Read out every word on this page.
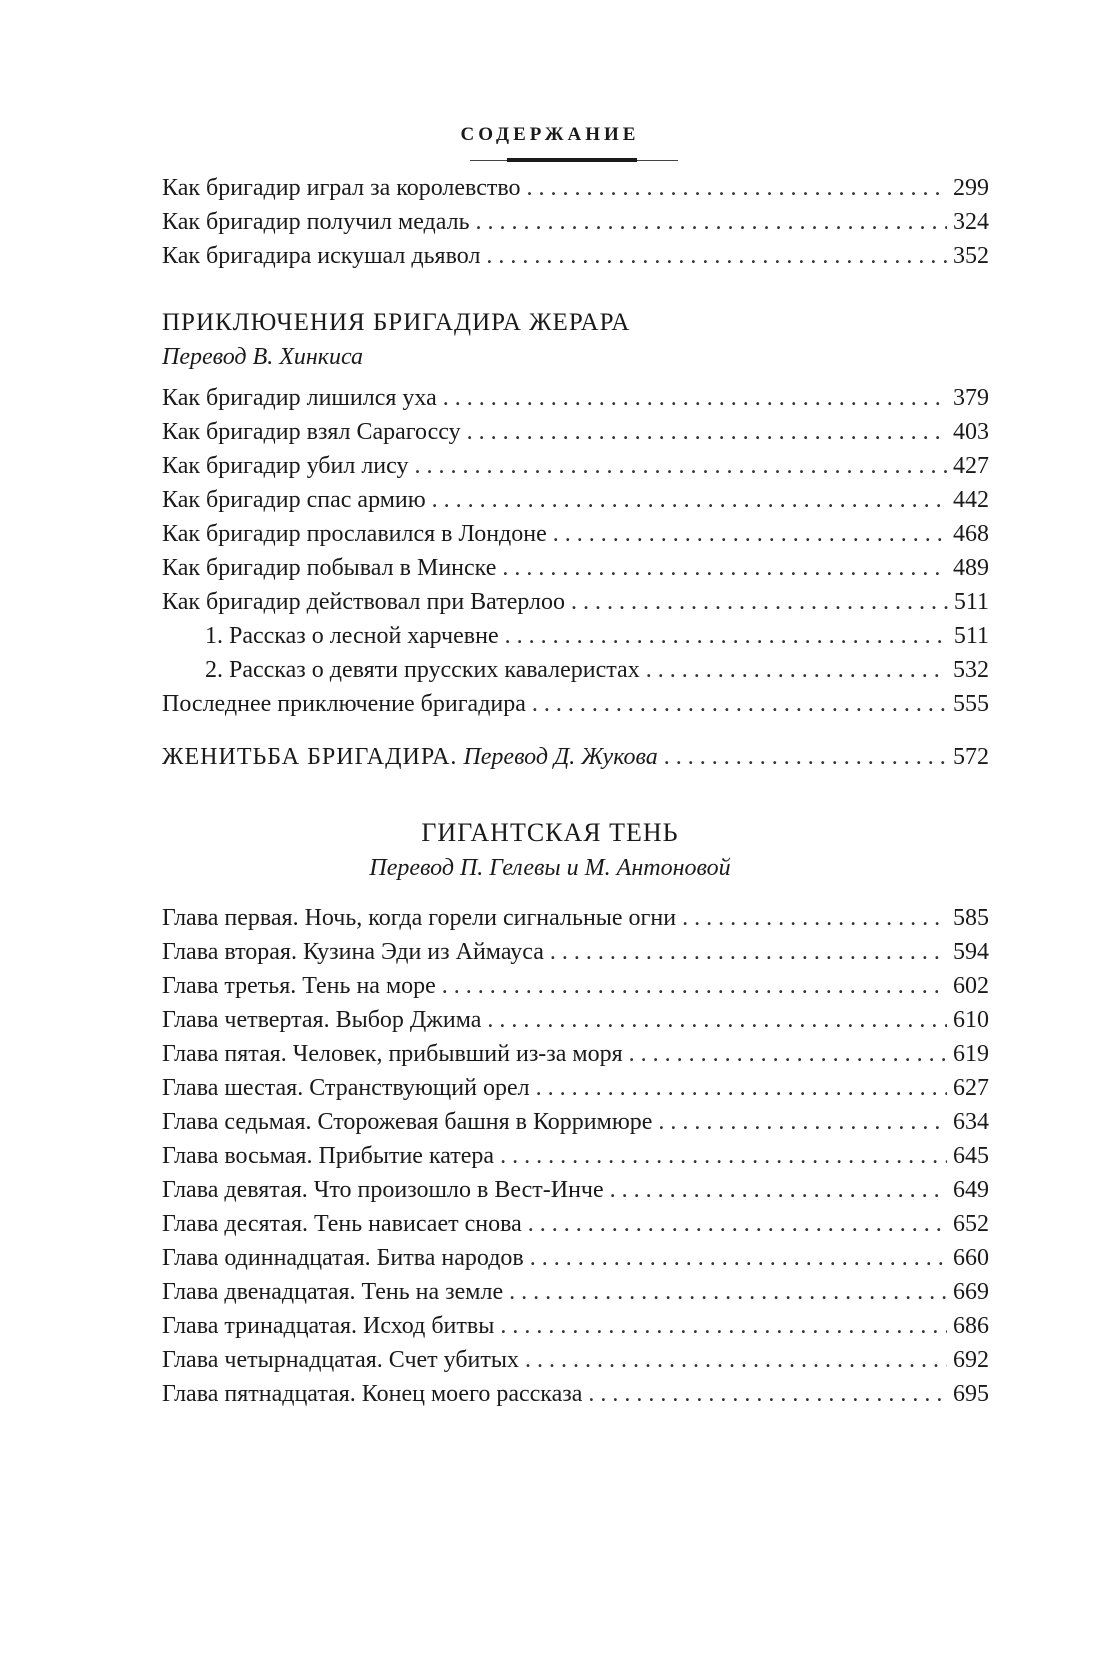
СОДЕРЖАНИЕ
Как бригадир играл за королевство . . .	299
Как бригадир получил медаль . . .	324
Как бригадира искушал дьявол . . .	352
ПРИКЛЮЧЕНИЯ БРИГАДИРА ЖЕРАРА
Перевод В. Хинкиса
Как бригадир лишился уха . . .	379
Как бригадир взял Сарагоссу . . .	403
Как бригадир убил лису . . .	427
Как бригадир спас армию . . .	442
Как бригадир прославился в Лондоне . . .	468
Как бригадир побывал в Минске . . .	489
Как бригадир действовал при Ватерлоо . . .	511
1. Рассказ о лесной харчевне . . .	511
2. Рассказ о девяти прусских кавалеристах . . .	532
Последнее приключение бригадира . . .	555
ЖЕНИТЬБА БРИГАДИРА. Перевод Д. Жукова . . .	572
ГИГАНТСКАЯ ТЕНЬ
Перевод П. Гелевы и М. Антоновой
Глава первая. Ночь, когда горели сигнальные огни . . .	585
Глава вторая. Кузина Эди из Аймауса . . .	594
Глава третья. Тень на море . . .	602
Глава четвертая. Выбор Джима . . .	610
Глава пятая. Человек, прибывший из-за моря . . .	619
Глава шестая. Странствующий орел . . .	627
Глава седьмая. Сторожевая башня в Корримюре . . .	634
Глава восьмая. Прибытие катера . . .	645
Глава девятая. Что произошло в Вест-Инче . . .	649
Глава десятая. Тень нависает снова . . .	652
Глава одиннадцатая. Битва народов . . .	660
Глава двенадцатая. Тень на земле . . .	669
Глава тринадцатая. Исход битвы . . .	686
Глава четырнадцатая. Счет убитых . . .	692
Глава пятнадцатая. Конец моего рассказа . . .	695
